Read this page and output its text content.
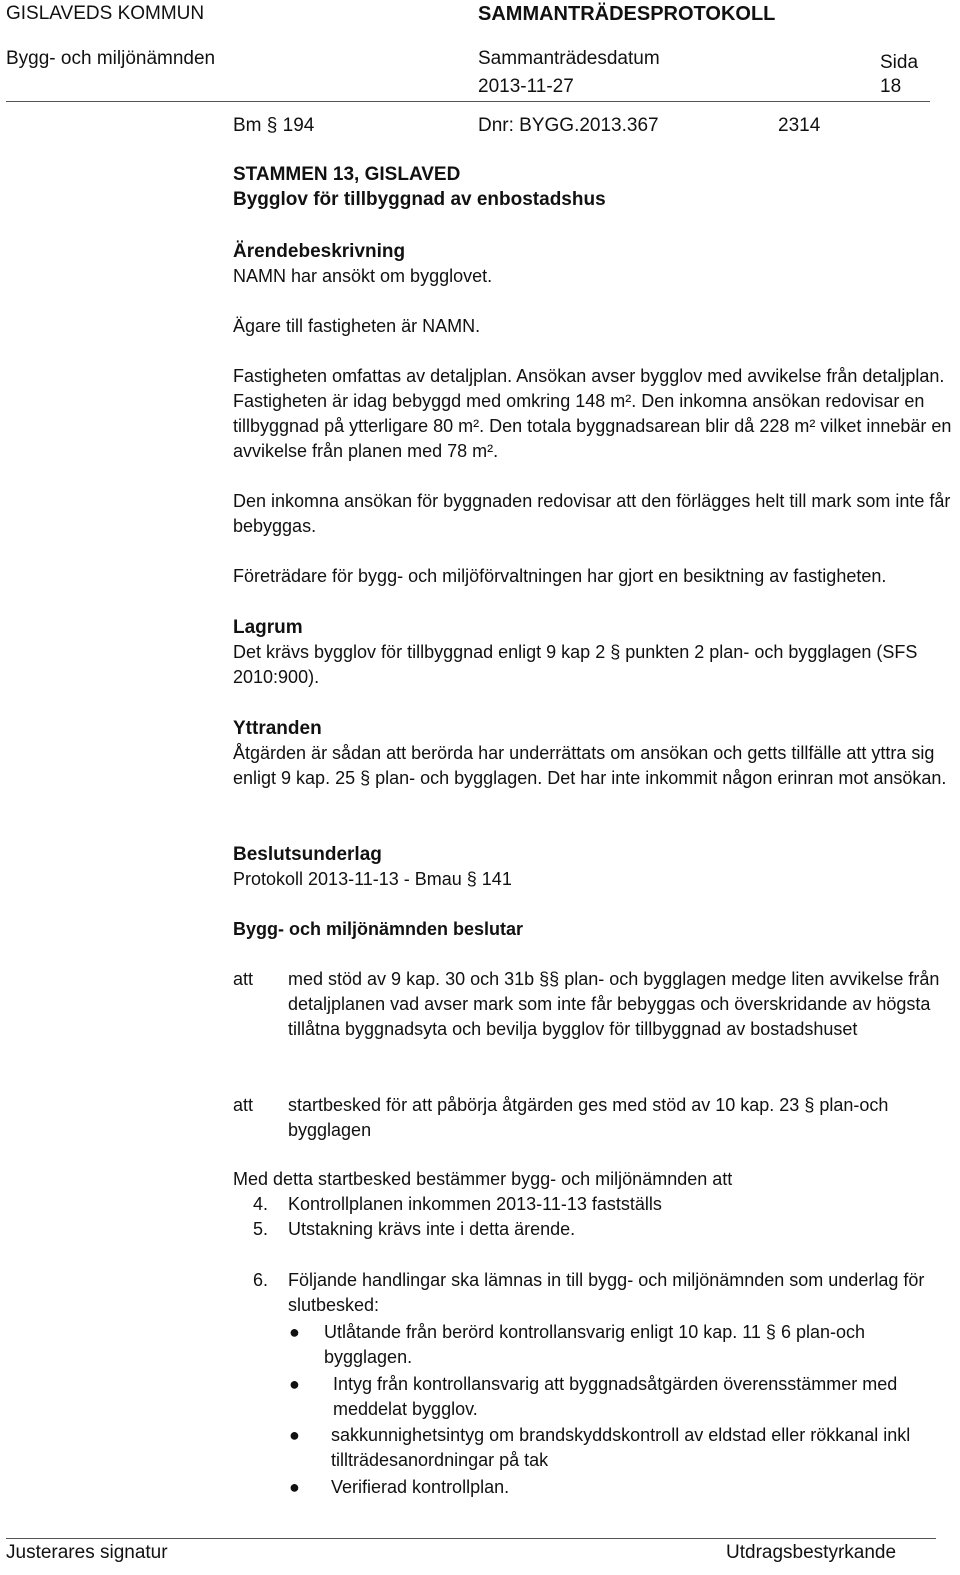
GISLAVEDS KOMMUN	SAMMANTRÄDESPROTOKOLL
Bygg- och miljönämnden	Sammanträdesdatum
2013-11-27
Sida
18
Bm § 194	Dnr: BYGG.2013.367	2314
STAMMEN 13, GISLAVED
Bygglov för tillbyggnad av enbostadshus

Ärendebeskrivning

NAMN har ansökt om bygglovet.

Ägare till fastigheten är NAMN.

Fastigheten omfattas av detaljplan. Ansökan avser bygglov med avvikelse från detaljplan. Fastigheten är idag bebyggd med omkring 148 m². Den inkomna ansökan redovisar en tillbyggnad på ytterligare 80 m². Den totala byggnadsarean blir då 228 m² vilket innebär en avvikelse från planen med 78 m².

Den inkomna ansökan för byggnaden redovisar att den förlägges helt till mark som inte får bebyggas.

Företrädare för bygg- och miljöförvaltningen har gjort en besiktning av fastigheten.

Lagrum
Det krävs bygglov för tillbyggnad enligt 9 kap 2 § punkten 2 plan- och bygglagen (SFS 2010:900).
Yttranden
Åtgärden är sådan att berörda har underrättats om ansökan och getts tillfälle att yttra sig enligt 9 kap. 25 § plan- och bygglagen. Det har inte inkommit någon erinran mot ansökan.
Beslutsunderlag
Protokoll 2013-11-13 - Bmau § 141
Bygg- och miljönämnden beslutar
att med stöd av 9 kap. 30 och 31b §§ plan- och bygglagen medge liten avvikelse från detaljplanen vad avser mark som inte får bebyggas och överskridande av högsta tillåtna byggnadsyta och bevilja bygglov för tillbyggnad av bostadshuset
att startbesked för att påbörja åtgärden ges med stöd av 10 kap. 23 § plan-och bygglagen
Med detta startbesked bestämmer bygg- och miljönämnden att
4. Kontrollplanen inkommen 2013-11-13 fastställs
5. Utstakning krävs inte i detta ärende.
6. Följande handlingar ska lämnas in till bygg- och miljönämnden som underlag för slutbesked:
● Utlåtande från berörd kontrollansvarig enligt 10 kap. 11 § 6 plan-och bygglagen.
● Intyg från kontrollansvarig att byggnadsåtgärden överensstämmer med meddelat bygglov.
● sakkunnighetsintyg om brandskyddskontroll av eldstad eller rökkanal inkl tillträdesanordningar på tak
● Verifierad kontrollplan.
Justerares signatur	Utdragsbestyrkande
